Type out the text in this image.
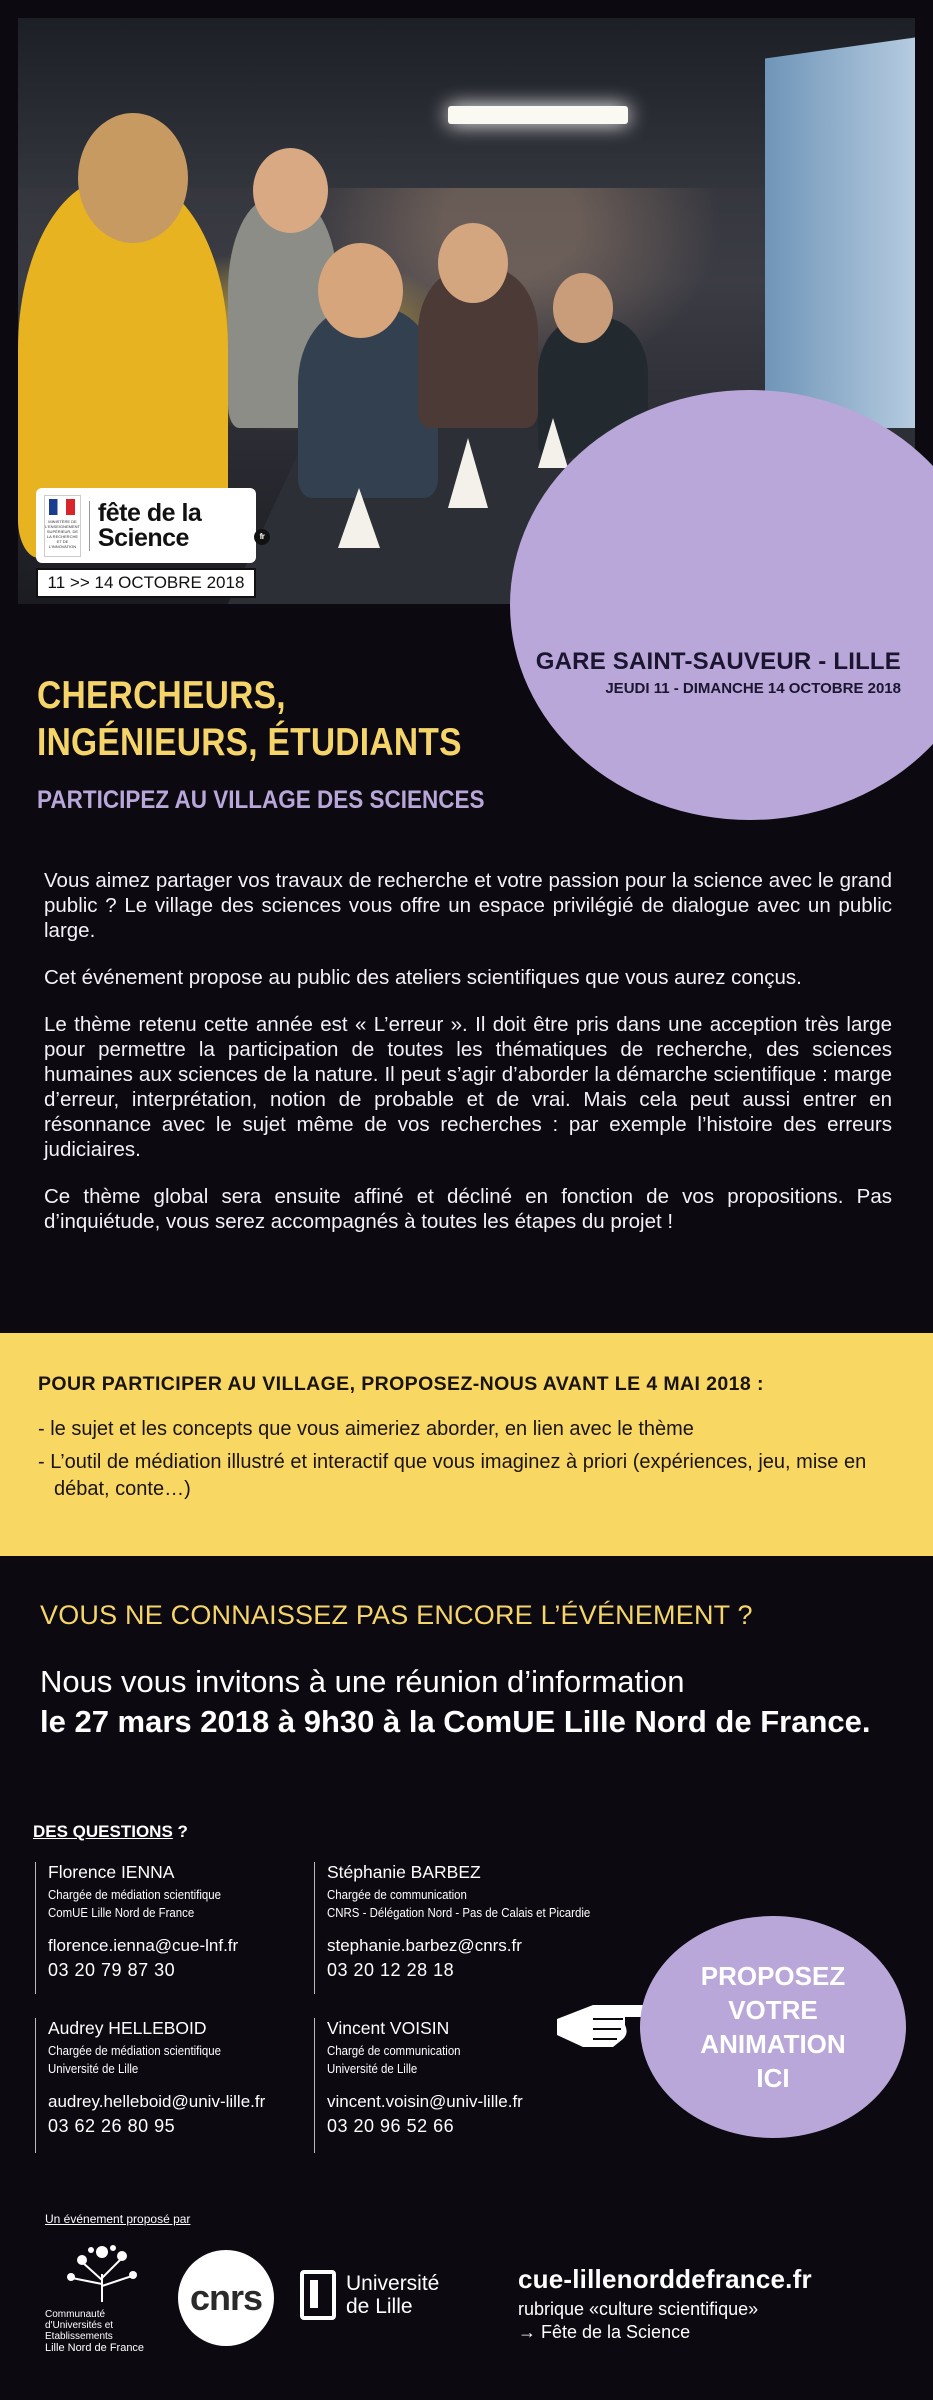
MINISTÈRE DE L'ENSEIGNEMENT SUPÉRIEUR, DE LA RECHERCHE ET DE L'INNOVATION
fête de la Science	fr
11 >> 14 OCTOBRE 2018
GARE SAINT-SAUVEUR - LILLE
JEUDI 11 - DIMANCHE 14 OCTOBRE 2018
CHERCHEURS, INGÉNIEURS, ÉTUDIANTS
PARTICIPEZ AU VILLAGE DES SCIENCES

Vous aimez partager vos travaux de recherche et votre passion pour la science avec le grand public ? Le village des sciences vous offre un espace privilégié de dialogue avec un public large.

Cet événement propose au public des ateliers scientifiques que vous aurez conçus.

Le thème retenu cette année est « L’erreur ». Il doit être pris dans une acception très large pour permettre la participation de toutes les thématiques de recherche, des sciences humaines aux sciences de la nature. Il peut s’agir d’aborder la démarche scientifique : marge d’erreur, interprétation, notion de probable et de vrai. Mais cela peut aussi entrer en résonnance avec le sujet même de vos recherches : par exemple l’histoire des erreurs judiciaires.

Ce thème global sera ensuite affiné et décliné en fonction de vos propositions. Pas d’inquiétude, vous serez accompagnés à toutes les étapes du projet !

POUR PARTICIPER AU VILLAGE, PROPOSEZ-NOUS AVANT LE 4 MAI 2018 :
- le sujet et les concepts que vous aimeriez aborder, en lien avec le thème
- L’outil de médiation illustré et interactif que vous imaginez à priori (expériences, jeu, mise en débat, conte…)
VOUS NE CONNAISSEZ PAS ENCORE L’ÉVÉNEMENT ?
Nous vous invitons à une réunion d’information
le 27 mars 2018 à 9h30 à la ComUE Lille Nord de France.
DES QUESTIONS ?
Florence IENNA
Chargée de médiation scientifique
ComUE Lille Nord de France
florence.ienna@cue-lnf.fr
03 20 79 87 30
Stéphanie BARBEZ
Chargée de communication
CNRS - Délégation Nord - Pas de Calais et Picardie
stephanie.barbez@cnrs.fr
03 20 12 28 18
Audrey HELLEBOID
Chargée de médiation scientifique
Université de Lille
audrey.helleboid@univ-lille.fr
03 62 26 80 95
Vincent VOISIN
Chargé de communication
Université de Lille
vincent.voisin@univ-lille.fr
03 20 96 52 66
PROPOSEZ
VOTRE
ANIMATION
ICI
Un événement proposé par
Communauté
d'Universités et Etablissements
Lille Nord de France
cnrs	Université
de Lille
cue-lillenorddefrance.fr
rubrique «culture scientifique»
→ Fête de la Science
